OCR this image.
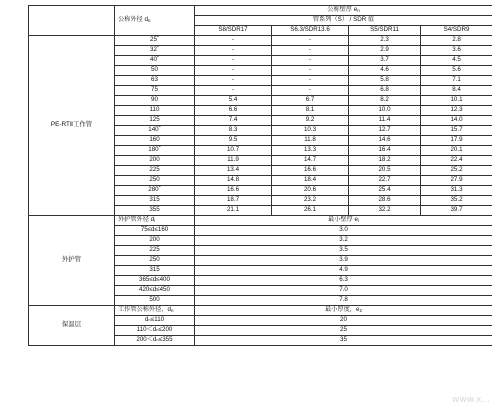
	公称外径 $d_n$	公称壁厚 $e_n$
		管系列（S） / SDR 值			
		S8/SDR17	S6.3/SDR13.6	S5/SDR11	S4/SDR9
PE-RTⅡ工作管	25ˇ	-	-	2.3	2.8
	32ˇ	-	-	2.9	3.6
	40ˇ	-	-	3.7	4.5
	50	-	-	4.6	5.6
	63	-	-	5.8	7.1
	75	-	-	6.8	8.4
	90	5.4	6.7	8.2	10.1
	110	6.6	8.1	10.0	12.3
	125	7.4	9.2	11.4	14.0
	140ˇ	8.3	10.3	12.7	15.7
	160	9.5	11.8	14.6	17.9
	180ˇ	10.7	13.3	16.4	20.1
	200	11.9	14.7	18.2	22.4
	225	13.4	16.6	20.5	25.2
	250	14.8	18.4	22.7	27.9
	280ˇ	16.6	20.6	25.4	31.3
	315	18.7	23.2	28.6	35.2
	355	21.1	26.1	32.2	39.7
外护管	外护管外径 $d_i$	最小壁厚 $e_i$
	75≤d≤160	3.0			
	200	3.2			
	225	3.5			
	250	3.9			
	315	4.9			
	365≤d≤400	6.3			
	420≤d≤450	7.0			
	500	7.8			
保温层	工作管公称外径，$d_n$	最小厚度，$e_2$
	dₙ≤110	20			
	110＜dₙ≤200	25			
	200＜dₙ≤355	35			
www.x...
